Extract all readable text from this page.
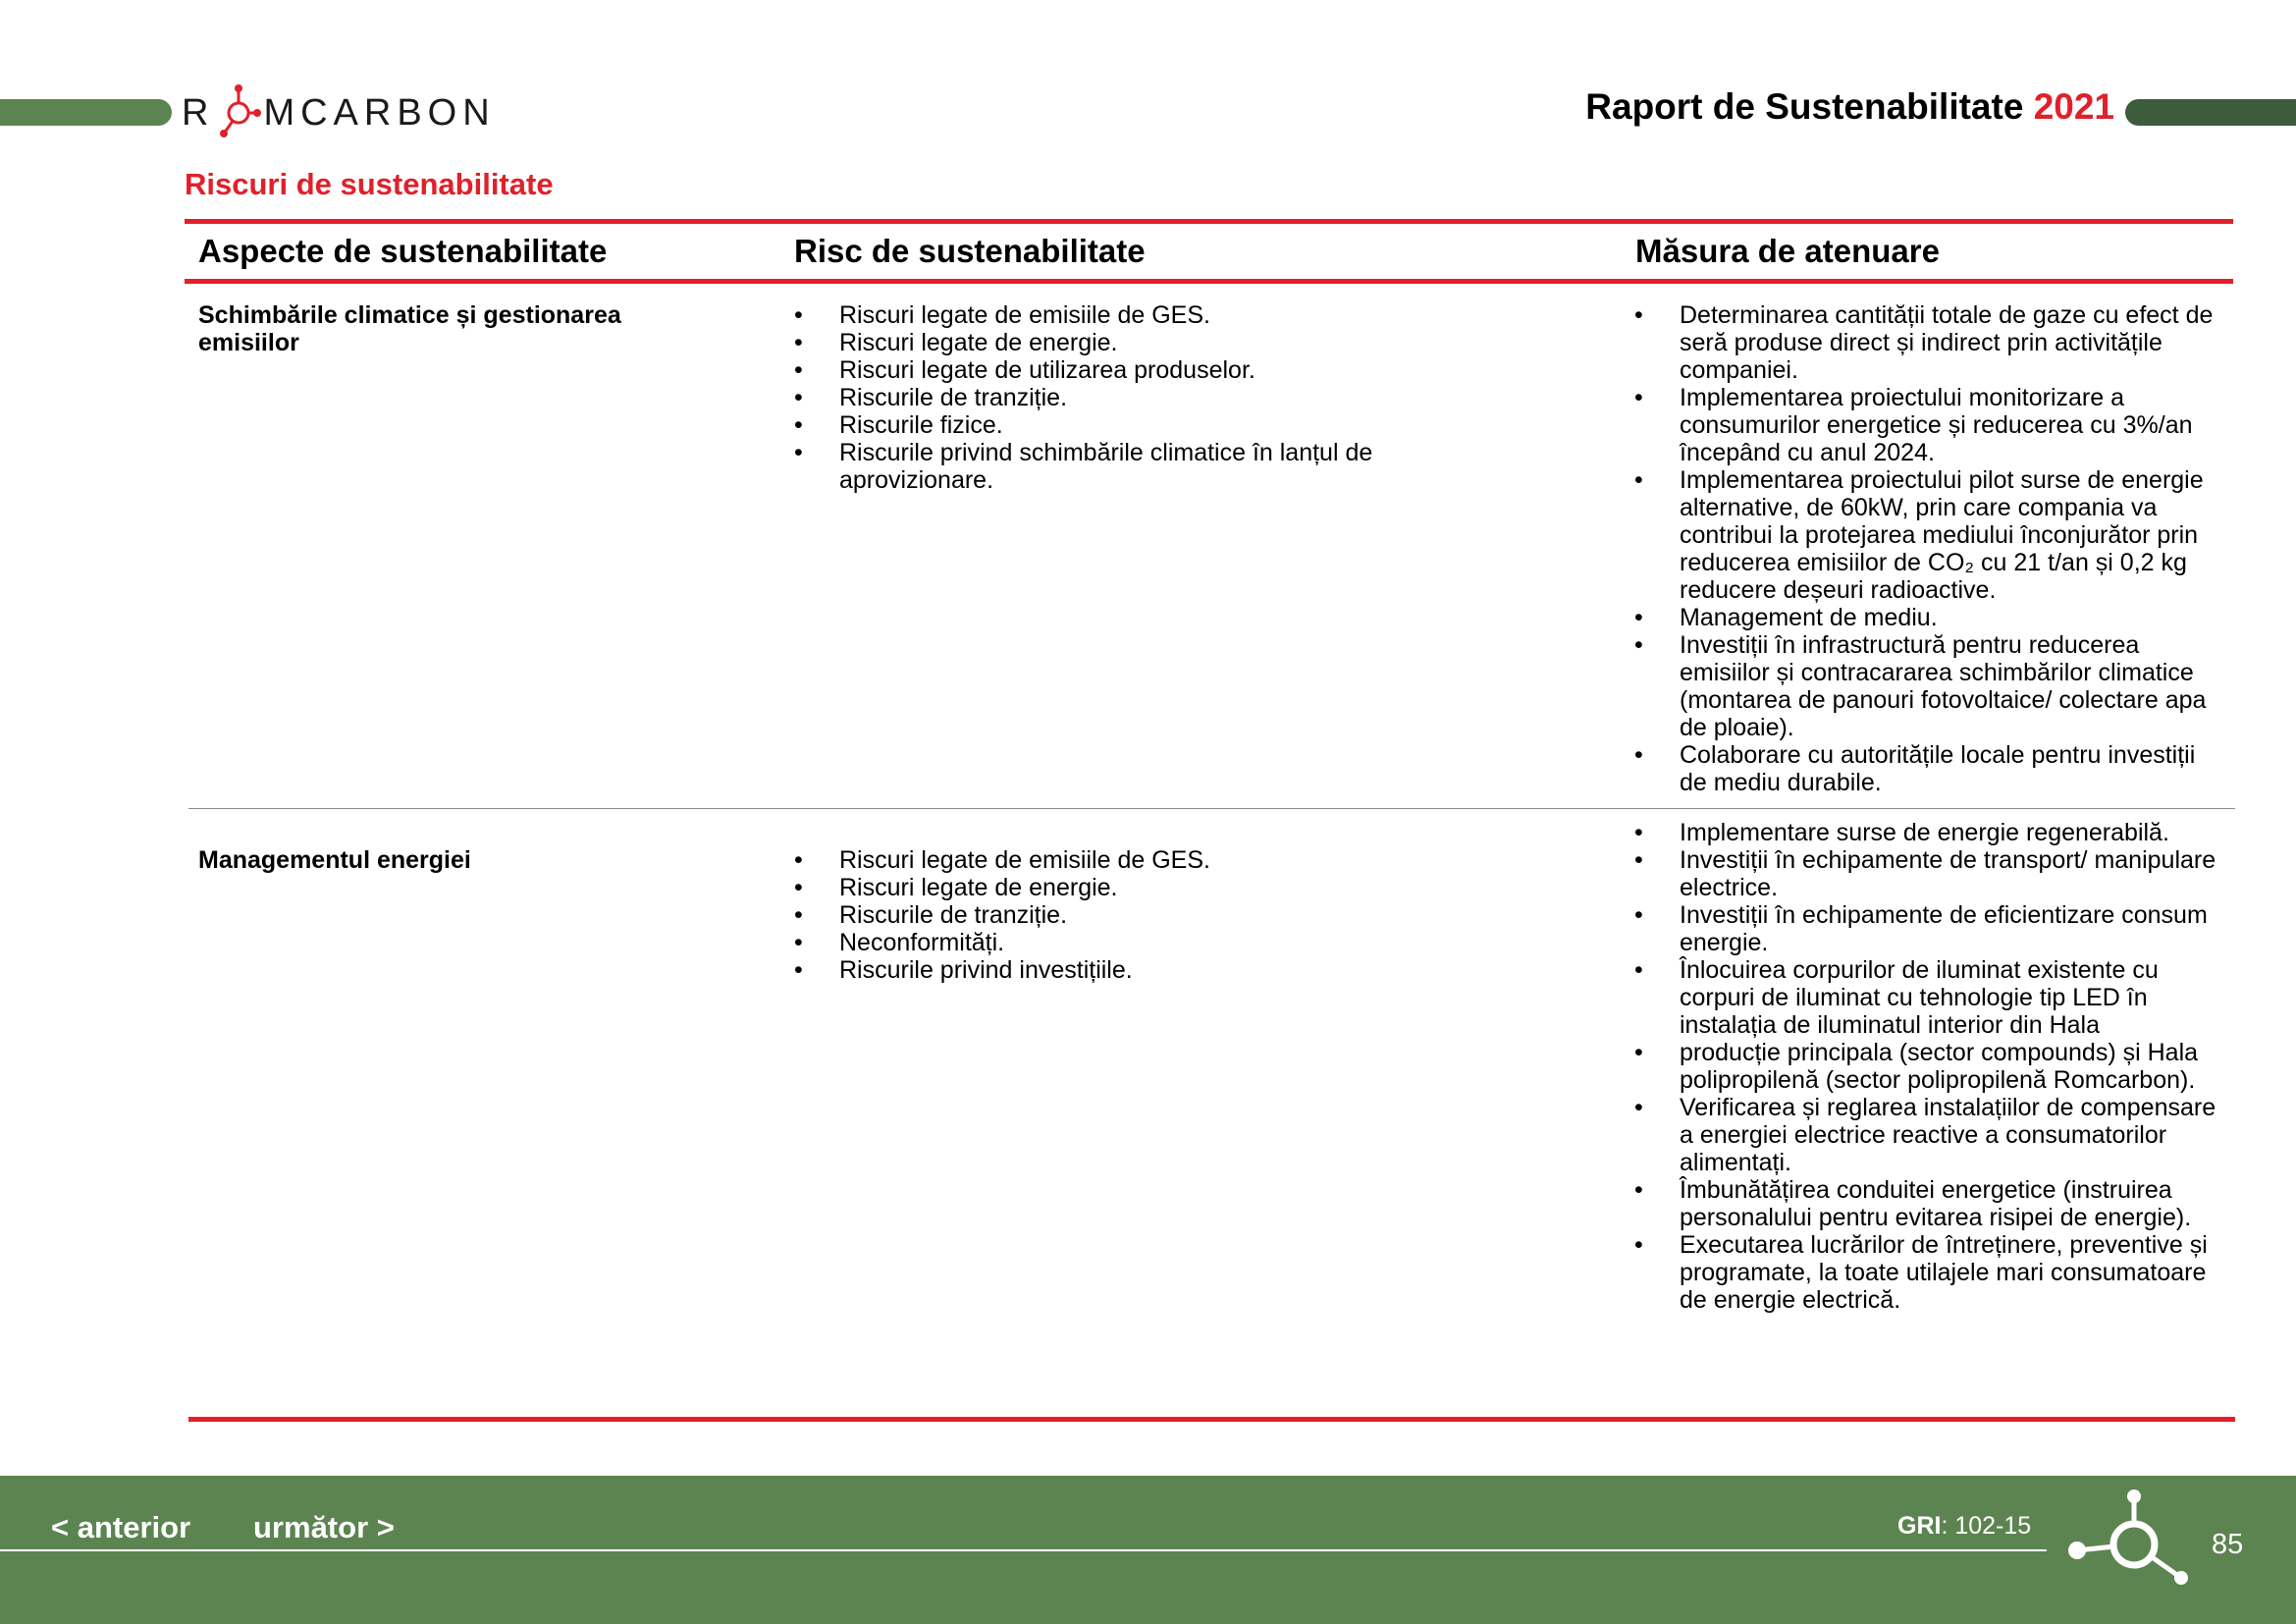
R MCARBON	Raport de Sustenabilitate 2021
Riscuri de sustenabilitate
Aspecte de sustenabilitate	Risc de sustenabilitate	Măsura de atenuare
Schimbările climatice și gestionarea emisiilor
• Riscuri legate de emisiile de GES.
• Riscuri legate de energie.
• Riscuri legate de utilizarea produselor.
• Riscurile de tranziție.
• Riscurile fizice.
• Riscurile privind schimbările climatice în lanțul de aprovizionare.
• Determinarea cantității totale de gaze cu efect de seră produse direct și indirect prin activitățile companiei.
• Implementarea proiectului monitorizare a consumurilor energetice și reducerea cu 3%/an începând cu anul 2024.
• Implementarea proiectului pilot surse de energie alternative, de 60kW, prin care compania va contribui la protejarea mediului înconjurător prin reducerea emisiilor de CO₂ cu 21 t/an și 0,2 kg reducere deșeuri radioactive.
• Management de mediu.
• Investiții în infrastructură pentru reducerea emisiilor și contracararea schimbărilor climatice (montarea de panouri fotovoltaice/ colectare apa de ploaie).
• Colaborare cu autoritățile locale pentru investiții de mediu durabile.
Managementul energiei
•	Riscuri legate de emisiile de GES.
• Riscuri legate de energie.
• Riscurile de tranziție.
• Neconformități.
• Riscurile privind investițiile.
• Implementare surse de energie regenerabilă.
• Investiții în echipamente de transport/ manipulare electrice.
• Investiții în echipamente de eficientizare consum energie.
• Înlocuirea corpurilor de iluminat existente cu corpuri de iluminat cu tehnologie tip LED în instalația de iluminatul interior din Hala
• producție principala (sector compounds) și Hala polipropilenă (sector polipropilenă Romcarbon).
• Verificarea și reglarea instalațiilor de compensare a energiei electrice reactive a consumatorilor alimentați.
• Îmbunătățirea conduitei energetice (instruirea personalului pentru evitarea risipei de energie).
• Executarea lucrărilor de întreținere, preventive și programate, la toate utilajele mari consumatoare de energie electrică.
< anterior următor >	GRI: 102-15
85
